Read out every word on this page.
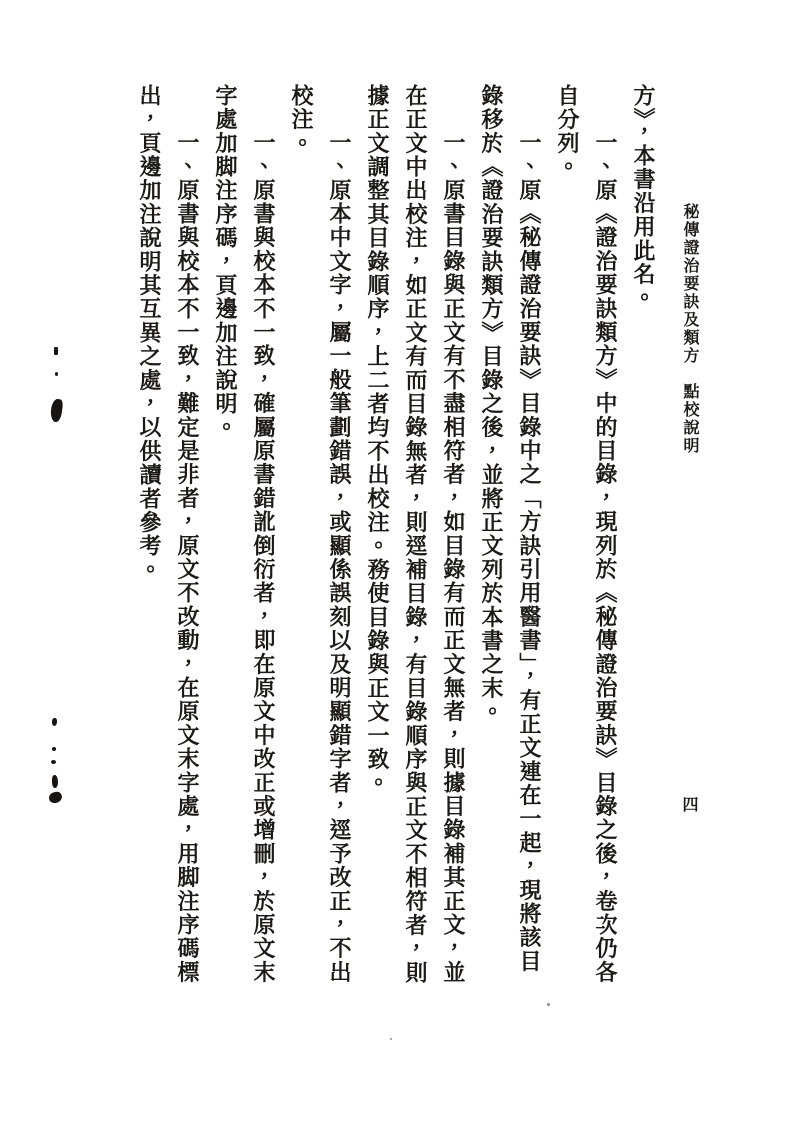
秘傳證治要訣及類方　點校說明
四

方》，本書沿用此名。

一、原《證治要訣類方》中的目錄，現列於《秘傳證治要訣》目錄之後，卷次仍各自分列。

一、原《秘傳證治要訣》目錄中之「方訣引用醫書」，有正文連在一起，現將該目錄移於《證治要訣類方》目錄之後，並將正文列於本書之末。

一、原書目錄與正文有不盡相符者，如目錄有而正文無者，則據目錄補其正文，並在正文中出校注，如正文有而目錄無者，則逕補目錄，有目錄順序與正文不相符者，則據正文調整其目錄順序，上二者均不出校注。務使目錄與正文一致。

一、原本中文字，屬一般筆劃錯誤，或顯係誤刻以及明顯錯字者，逕予改正，不出校注。

一、原書與校本不一致，確屬原書錯訛倒衍者，即在原文中改正或增刪，於原文末字處加脚注序碼，頁邊加注說明。

一、原書與校本不一致，難定是非者，原文不改動，在原文末字處，用脚注序碼標出，頁邊加注說明其互異之處，以供讀者參考。
